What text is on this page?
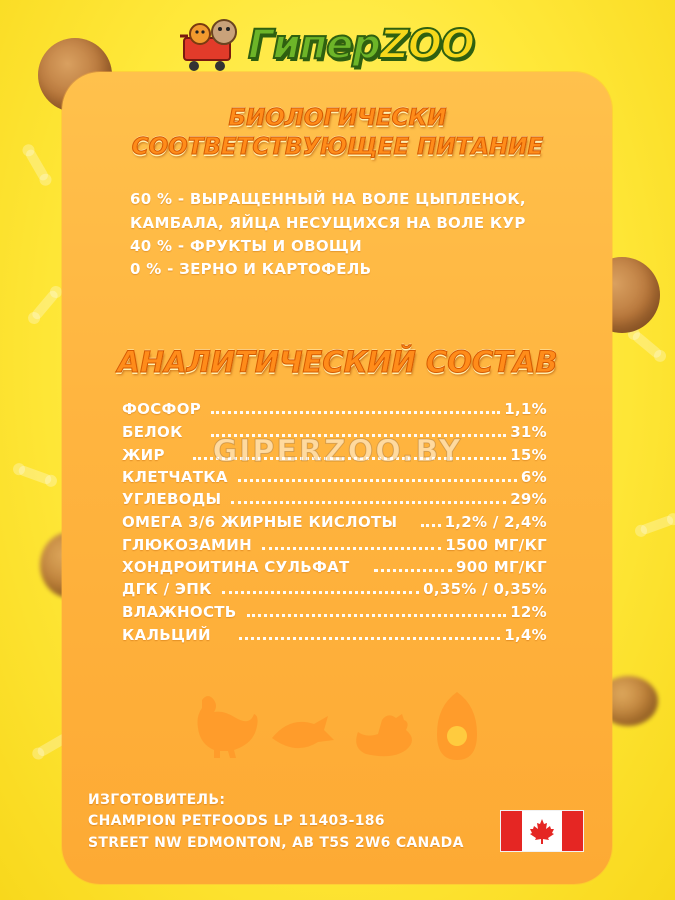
ГиперZOO
БИОЛОГИЧЕСКИ
СООТВЕТСТВУЮЩЕЕ ПИТАНИЕ
60 % - ВЫРАЩЕННЫЙ НА ВОЛЕ ЦЫПЛЕНОК,
КАМБАЛА, ЯЙЦА НЕСУЩИХСЯ НА ВОЛЕ КУР
40 % - ФРУКТЫ И ОВОЩИ
0 % - ЗЕРНО И КАРТОФЕЛЬ
АНАЛИТИЧЕСКИЙ СОСТАВ
ФОСФОР	1,1%
БЕЛОК	31%
ЖИР	15%
КЛЕТЧАТКА	6%
УГЛЕВОДЫ	29%
ОМЕГА 3/6 ЖИРНЫЕ КИСЛОТЫ	1,2% / 2,4%
ГЛЮКОЗАМИН	1500 МГ/КГ
ХОНДРОИТИНА СУЛЬФАТ	900 МГ/КГ
ДГК / ЭПК	0,35% / 0,35%
ВЛАЖНОСТЬ	12%
КАЛЬЦИЙ	1,4%
GIPERZOO.BY
ИЗГОТОВИТЕЛЬ:
CHAMPION PETFOODS LP 11403-186
STREET NW EDMONTON, AB T5S 2W6 CANADA
